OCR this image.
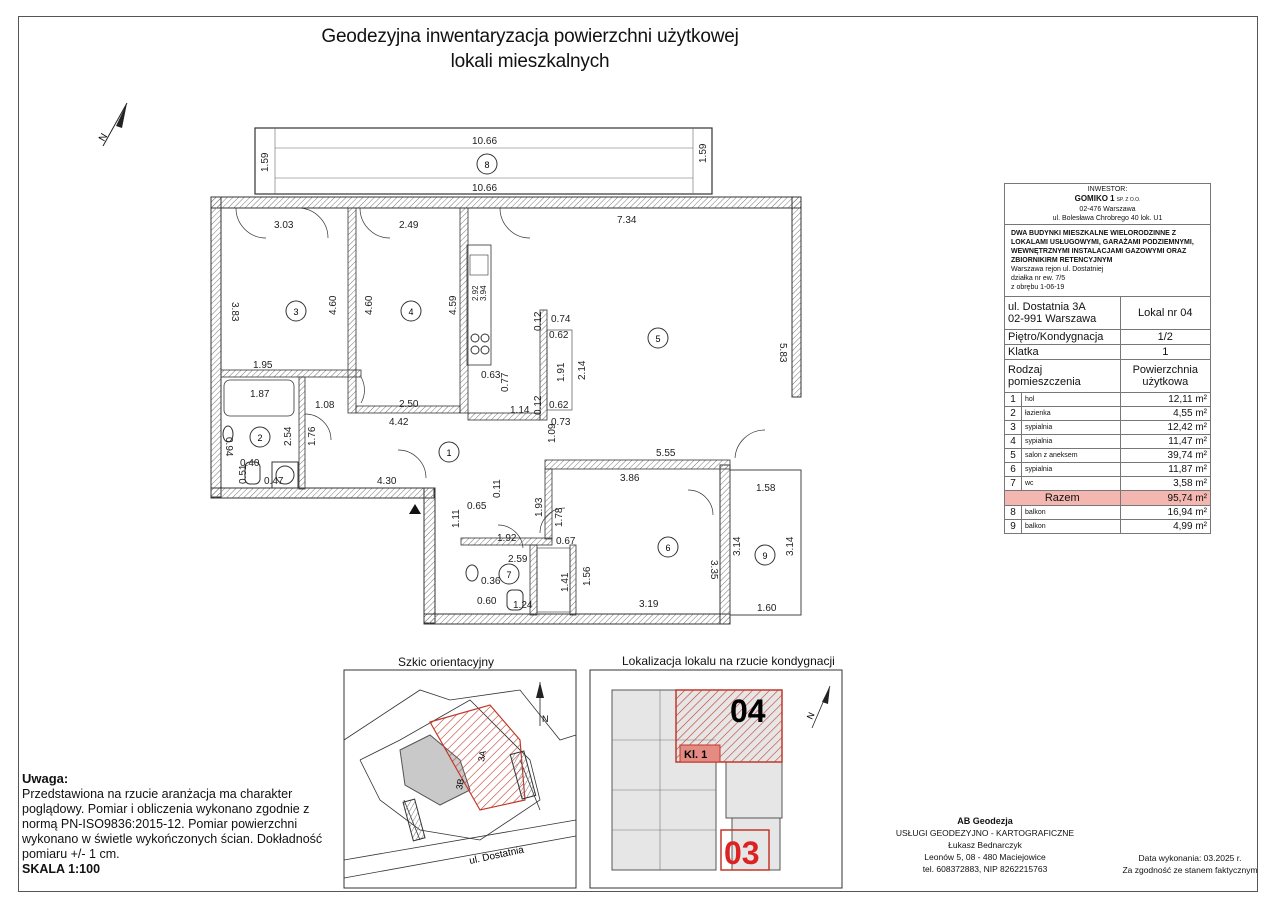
Geodezyjna inwentaryzacja powierzchni użytkowej lokali mieszkalnych
N
1
2
3	4
5
6
7
8
9
10.66
10.66
1.59	1.59
3.03	2.49	7.34
3.83	4.60	4.60	4.59
5.83
1.95
1.87
2.50
4.42
1.08
2.54 1.76
0.40
0.51 0.47
0.94
4.30
0.74
0.62
0.12
2.14
1.91
0.62
0.73
0.12
0.63 0.77
1.14
1.09
5.55
3.86
1.58
3.14	3.14
1.60
0.65
1.11
0.11
1.93
1.78
1.92
2.59
0.67
3.35
1.56
3.19
0.36
0.60 1.24
1.41
3.94
2.92
3B
3A
ul. Dostatnia
N
Kl. 1
04
03
N
Szkic orientacyjny	Lokalizacja lokalu na rzucie kondygnacji
INWESTOR:
GOMIKO 1 SP. Z O.O.
02-476 Warszawa
ul. Bolesława Chrobrego 40 lok. U1		

DWA BUDYNKI MIESZKALNE WIELORODZINNE Z LOKALAMI USŁUGOWYMI, GARAŻAMI PODZIEMNYMI, WEWNĘTRZNYMI INSTALACJAMI GAZOWYMI ORAZ ZBIORNIKIRM RETENCYJNYM
Warszawa rejon ul. Dostatniej
działka nr ew. 7/5
z obrębu 1-06-19		

ul. Dostatnia 3A
02-991 Warszawa		Lokal nr 04
Piętro/Kondygnacja		1/2
Klatka		1
Rodzaj pomieszczenia		Powierzchnia użytkowa
1	hol	12,11 m²
2	łazienka	4,55 m²
3	sypialnia	12,42 m²
4	sypialnia	11,47 m²
5	salon z aneksem	39,74 m²
6	sypialnia	11,87 m²
7	wc	3,58 m²
Razem		95,74 m²
8	balkon	16,94 m²
9	balkon	4,99 m²
Uwaga:
Przedstawiona na rzucie aranżacja ma charakter poglądowy. Pomiar i obliczenia wykonano zgodnie z normą PN-ISO9836:2015-12. Pomiar powierzchni wykonano w świetle wykończonych ścian. Dokładność pomiaru +/- 1 cm.
SKALA 1:100
AB Geodezja
USŁUGI GEODEZYJNO - KARTOGRAFICZNE
Łukasz Bednarczyk
Leonów 5, 08 - 480 Maciejowice
tel. 608372883, NIP 8262215763
Data wykonania: 03.2025 r.
Za zgodność ze stanem faktycznym
